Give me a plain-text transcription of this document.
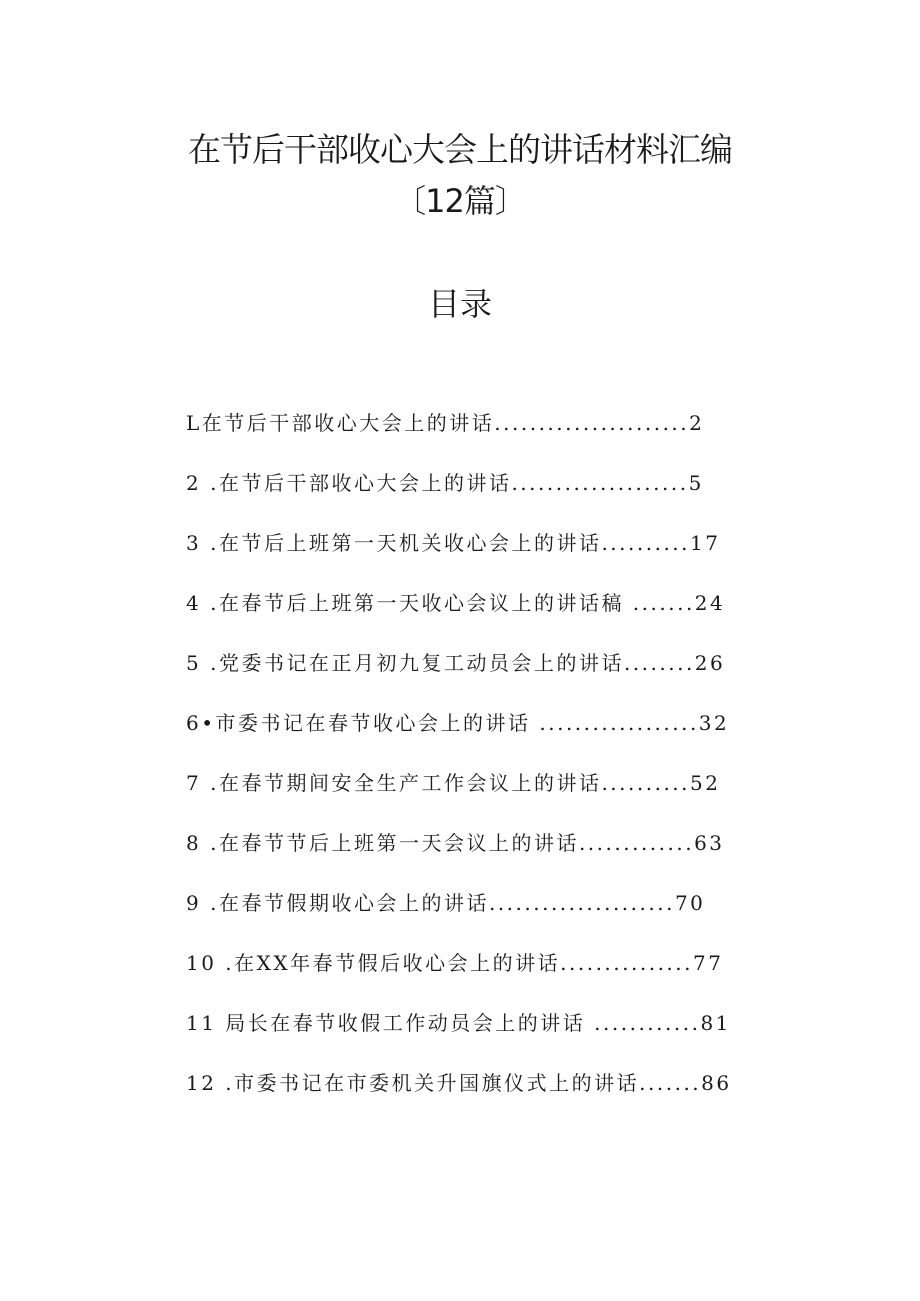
在节后干部收心大会上的讲话材料汇编
〔12篇〕
目录
L在节后干部收心大会上的讲话......................2
2 .在节后干部收心大会上的讲话....................5
3 .在节后上班第一天机关收心会上的讲话..........17
4 .在春节后上班第一天收心会议上的讲话稿 .......24
5 .党委书记在正月初九复工动员会上的讲话........26
6•市委书记在春节收心会上的讲话 ..................32
7 .在春节期间安全生产工作会议上的讲话..........52
8 .在春节节后上班第一天会议上的讲话.............63
9 .在春节假期收心会上的讲话.....................70
10 .在XX年春节假后收心会上的讲话...............77
11 局长在春节收假工作动员会上的讲话 ............81
12 .市委书记在市委机关升国旗仪式上的讲话.......86
